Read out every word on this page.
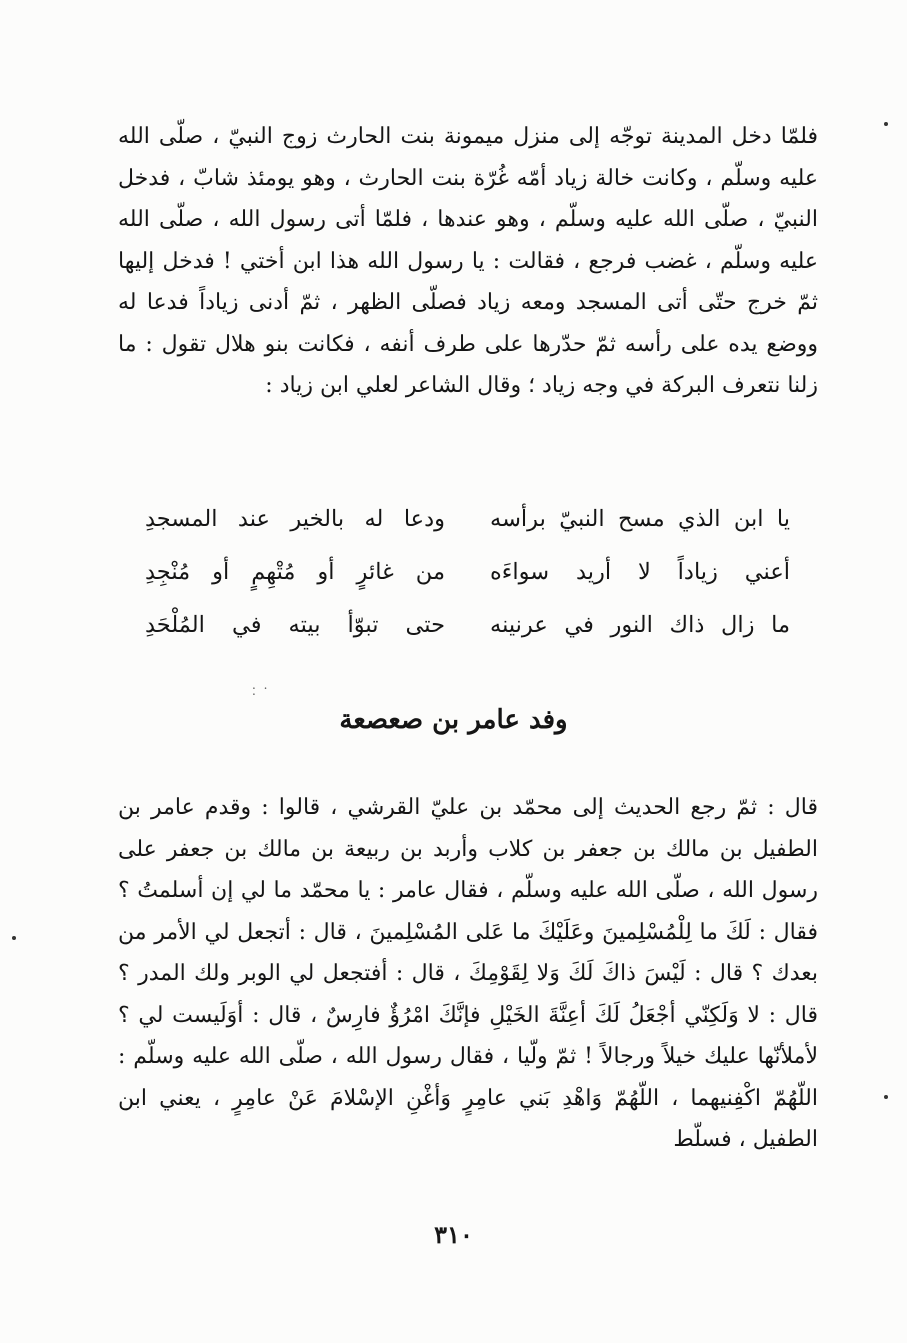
فلمّا دخل المدينة توجّه إلى منزل ميمونة بنت الحارث زوج النبيّ ، صلّى الله عليه وسلّم ، وكانت خالة زياد أمّه غُرّة بنت الحارث ، وهو يومئذ شابّ ، فدخل النبيّ ، صلّى الله عليه وسلّم ، وهو عندها ، فلمّا أتى رسول الله ، صلّى الله عليه وسلّم ، غضب فرجع ، فقالت : يا رسول الله هذا ابن أختي ! فدخل إليها ثمّ خرج حتّى أتى المسجد ومعه زياد فصلّى الظهر ، ثمّ أدنى زياداً فدعا له ووضع يده على رأسه ثمّ حدّرها على طرف أنفه ، فكانت بنو هلال تقول : ما زلنا نتعرف البركة في وجه زياد ؛ وقال الشاعر لعلي ابن زياد :

يا ابن الذي مسح النبيّ برأسه
ودعا له بالخير عند المسجدِ
أعني زياداً لا أريد سواءَه
من غائرٍ أو مُتْهِمٍ أو مُنْجِدِ
ما زال ذاك النور في عرنينه
حتى تبوّأ بيته في المُلْحَدِ
. . .
وفد عامر بن صعصعة

قال : ثمّ رجع الحديث إلى محمّد بن عليّ القرشي ، قالوا : وقدم عامر بن الطفيل بن مالك بن جعفر بن كلاب وأربد بن ربيعة بن مالك بن جعفر على رسول الله ، صلّى الله عليه وسلّم ، فقال عامر : يا محمّد ما لي إن أسلمتُ ؟ فقال : لَكَ ما لِلْمُسْلِمينَ وعَلَيْكَ ما عَلى المُسْلِمينَ ، قال : أتجعل لي الأمر من بعدك ؟ قال : لَيْسَ ذاكَ لَكَ وَلا لِقَوْمِكَ ، قال : أفتجعل لي الوبر ولك المدر ؟ قال : لا وَلَكِنّي أجْعَلُ لَكَ أعِنَّةَ الخَيْلِ فإنَّكَ امْرُؤٌ فارِسٌ ، قال : أوَلَيست لي ؟ لأملأنّها عليك خيلاً ورجالاً ! ثمّ ولّيا ، فقال رسول الله ، صلّى الله عليه وسلّم : اللّهُمّ اكْفِنيهما ، اللّهُمّ وَاهْدِ بَني عامِرٍ وَأغْنِ الإسْلامَ عَنْ عامِرٍ ، يعني ابن الطفيل ، فسلّط

٣١٠
